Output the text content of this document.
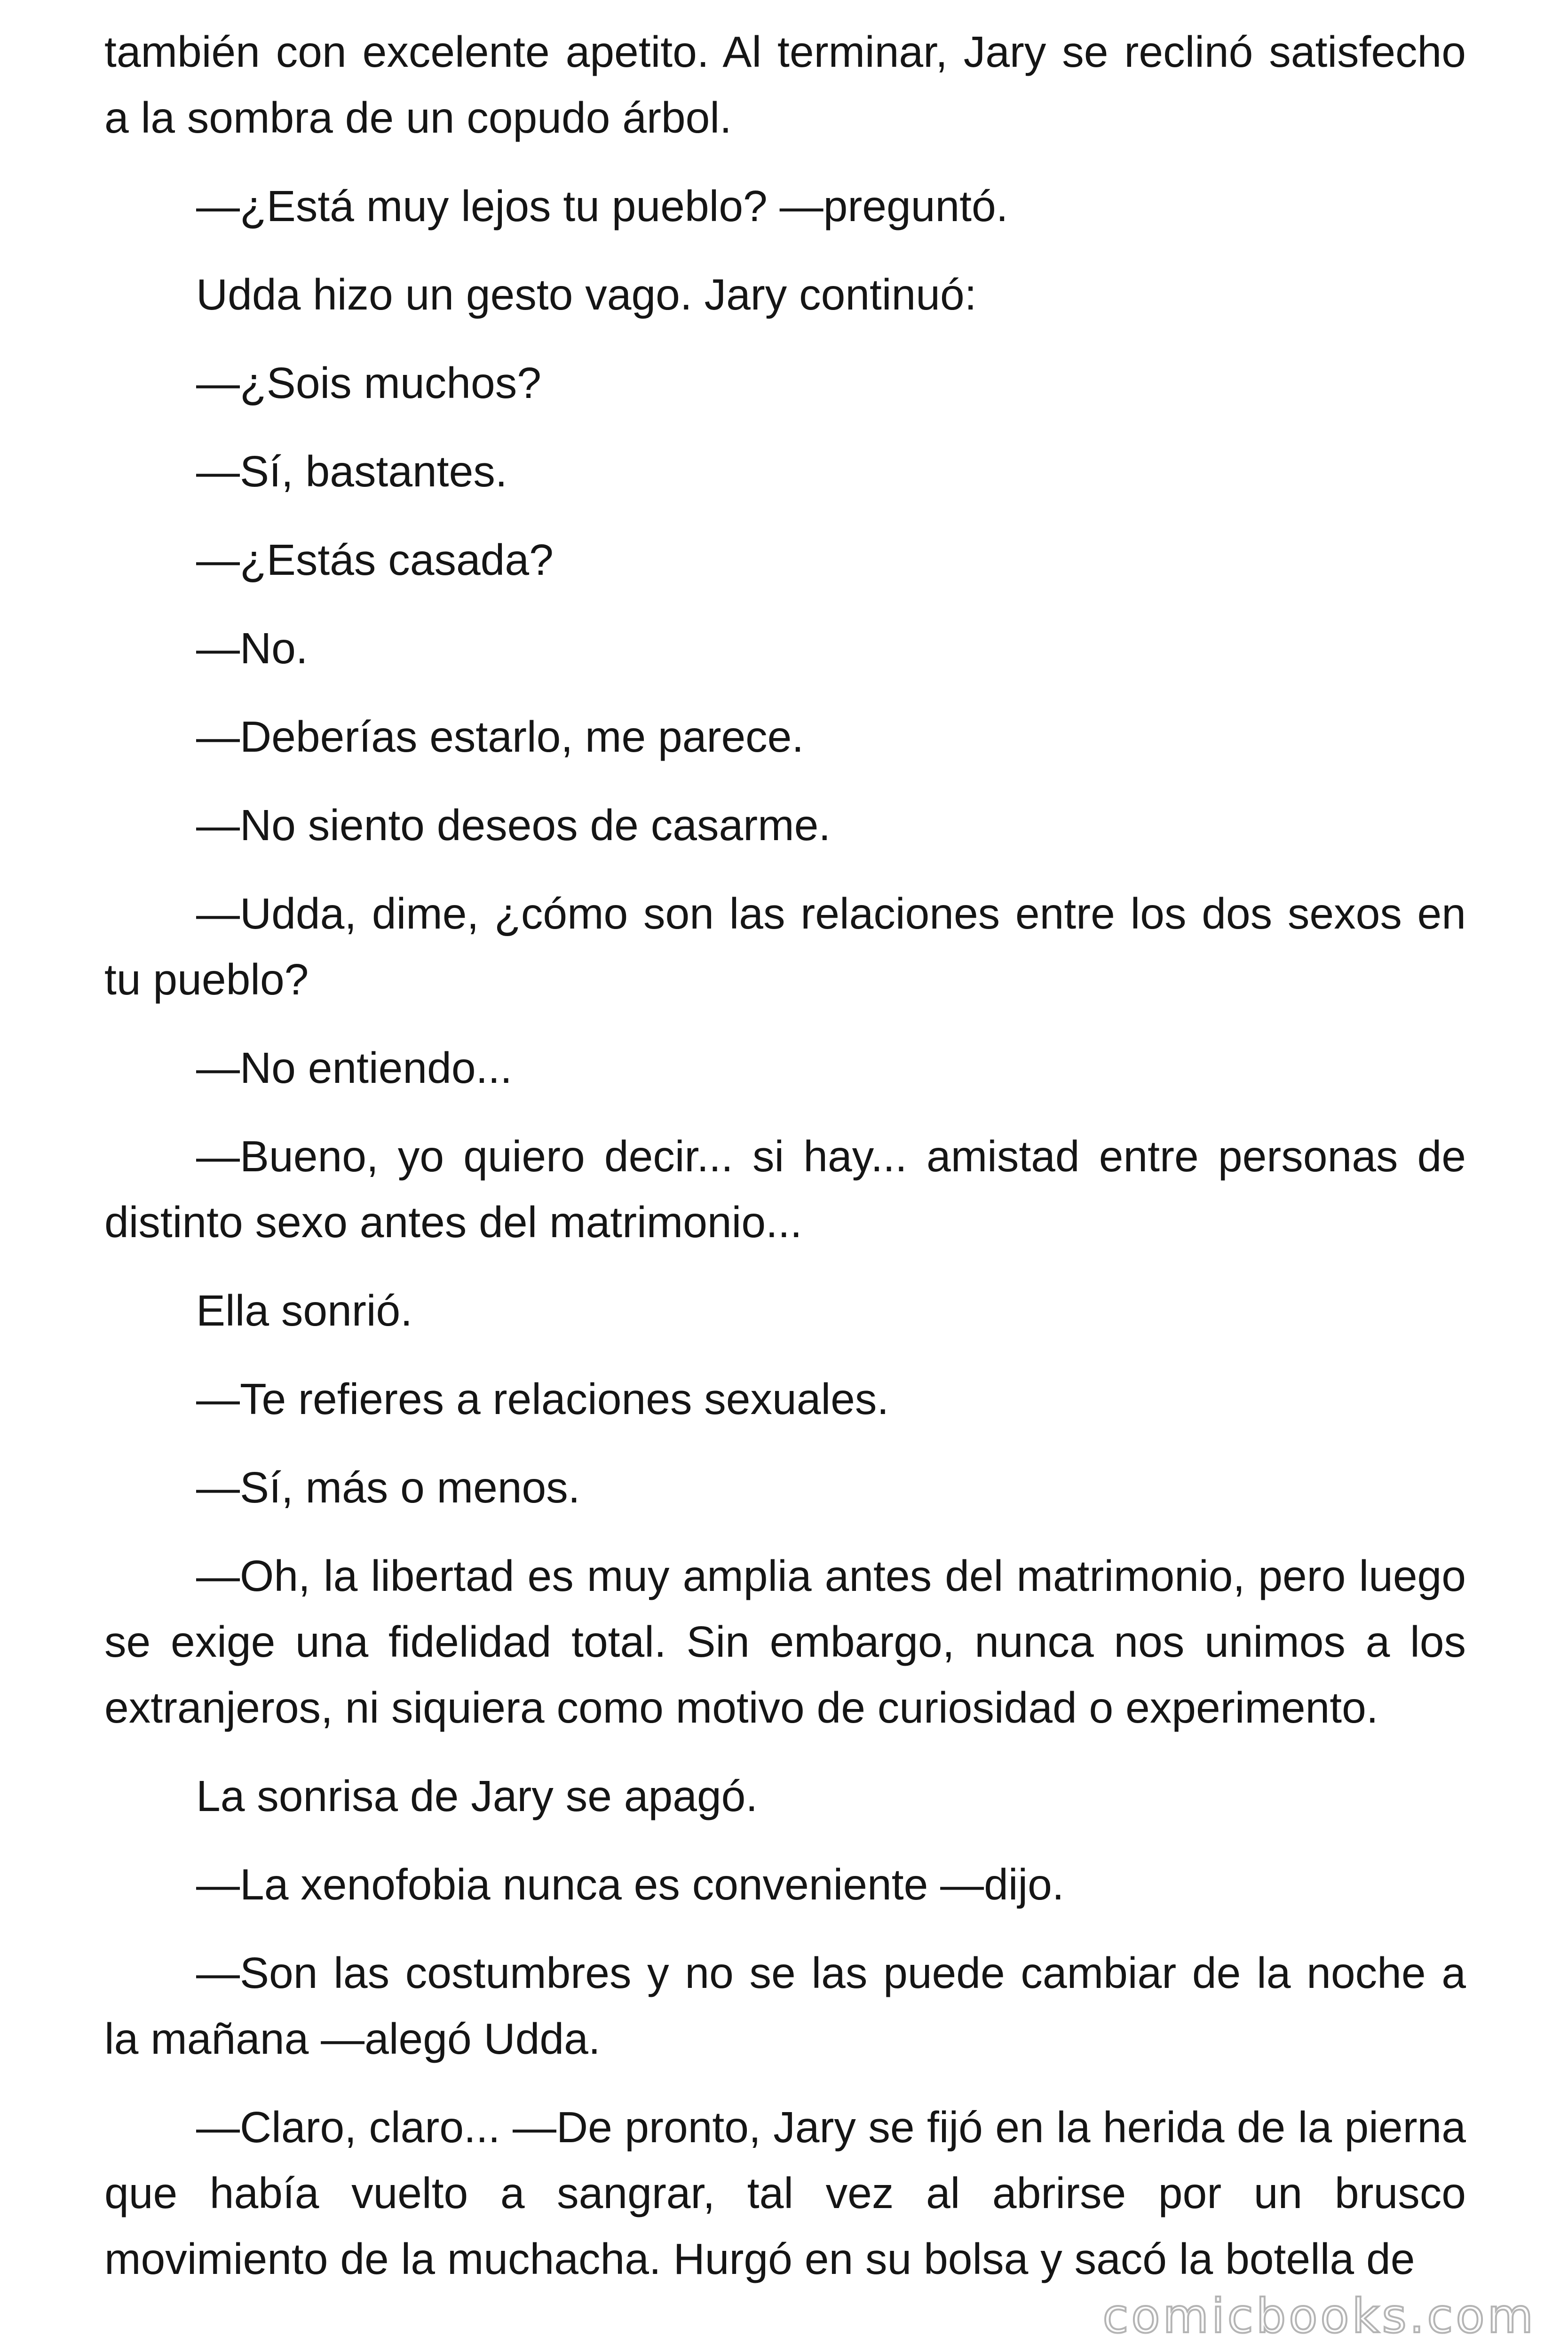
también con excelente apetito. Al terminar, Jary se reclinó satisfecho a la sombra de un copudo árbol.

—¿Está muy lejos tu pueblo? —preguntó.

Udda hizo un gesto vago. Jary continuó:

—¿Sois muchos?

—Sí, bastantes.

—¿Estás casada?

—No.

—Deberías estarlo, me parece.

—No siento deseos de casarme.

—Udda, dime, ¿cómo son las relaciones entre los dos sexos en tu pueblo?

—No entiendo...

—Bueno, yo quiero decir... si hay... amistad entre personas de distinto sexo antes del matrimonio...

Ella sonrió.

—Te refieres a relaciones sexuales.

—Sí, más o menos.

—Oh, la libertad es muy amplia antes del matrimonio, pero luego se exige una fidelidad total. Sin embargo, nunca nos unimos a los extranjeros, ni siquiera como motivo de curiosidad o experimento.

La sonrisa de Jary se apagó.

—La xenofobia nunca es conveniente —dijo.

—Son las costumbres y no se las puede cambiar de la noche a la mañana —alegó Udda.

—Claro, claro... —De pronto, Jary se fijó en la herida de la pierna que había vuelto a sangrar, tal vez al abrirse por un brusco movimiento de la muchacha. Hurgó en su bolsa y sacó la botella de

comicbooks.com
